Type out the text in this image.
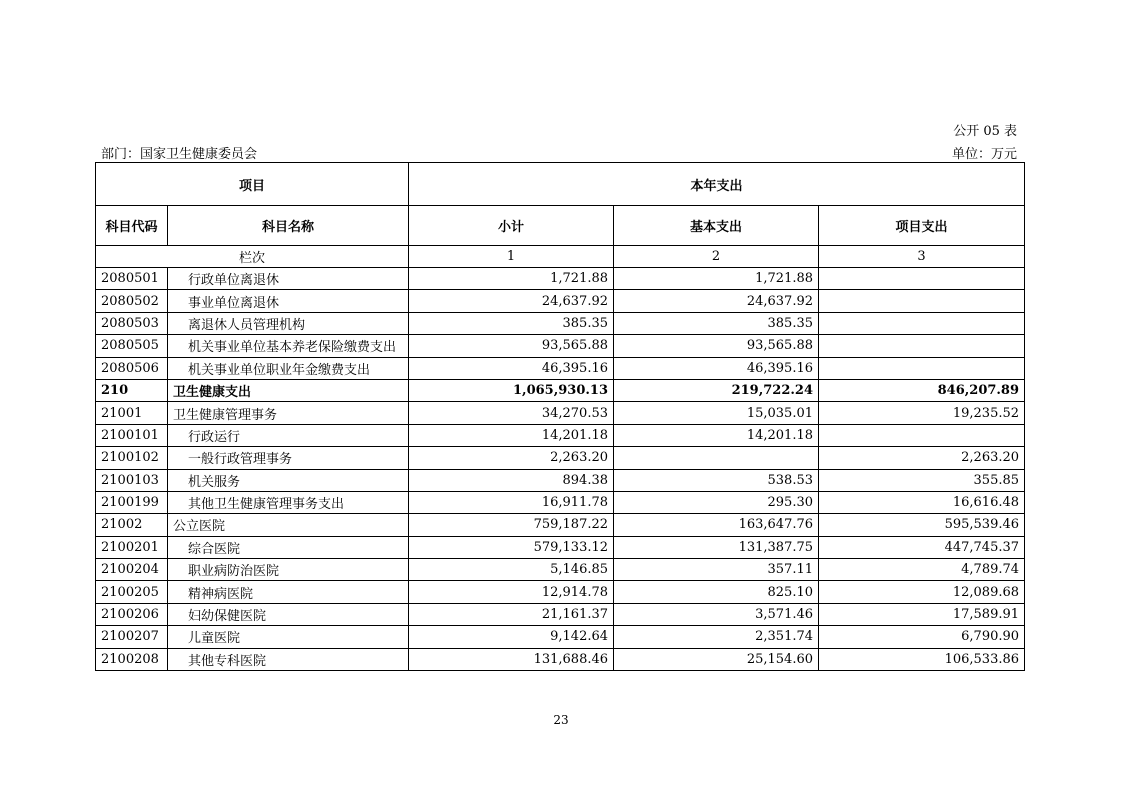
公开 05 表
部门：国家卫生健康委员会	单位：万元
项目		本年支出		
科目代码	科目名称	小计	基本支出	项目支出
栏次		1	2	3
2080501	行政单位离退休	1,721.88	1,721.88	
2080502	事业单位离退休	24,637.92	24,637.92	
2080503	离退休人员管理机构	385.35	385.35	
2080505	机关事业单位基本养老保险缴费支出	93,565.88	93,565.88	
2080506	机关事业单位职业年金缴费支出	46,395.16	46,395.16	
210	卫生健康支出	1,065,930.13	219,722.24	846,207.89
21001	卫生健康管理事务	34,270.53	15,035.01	19,235.52
2100101	行政运行	14,201.18	14,201.18	
2100102	一般行政管理事务	2,263.20		2,263.20
2100103	机关服务	894.38	538.53	355.85
2100199	其他卫生健康管理事务支出	16,911.78	295.30	16,616.48
21002	公立医院	759,187.22	163,647.76	595,539.46
2100201	综合医院	579,133.12	131,387.75	447,745.37
2100204	职业病防治医院	5,146.85	357.11	4,789.74
2100205	精神病医院	12,914.78	825.10	12,089.68
2100206	妇幼保健医院	21,161.37	3,571.46	17,589.91
2100207	儿童医院	9,142.64	2,351.74	6,790.90
2100208	其他专科医院	131,688.46	25,154.60	106,533.86
23
